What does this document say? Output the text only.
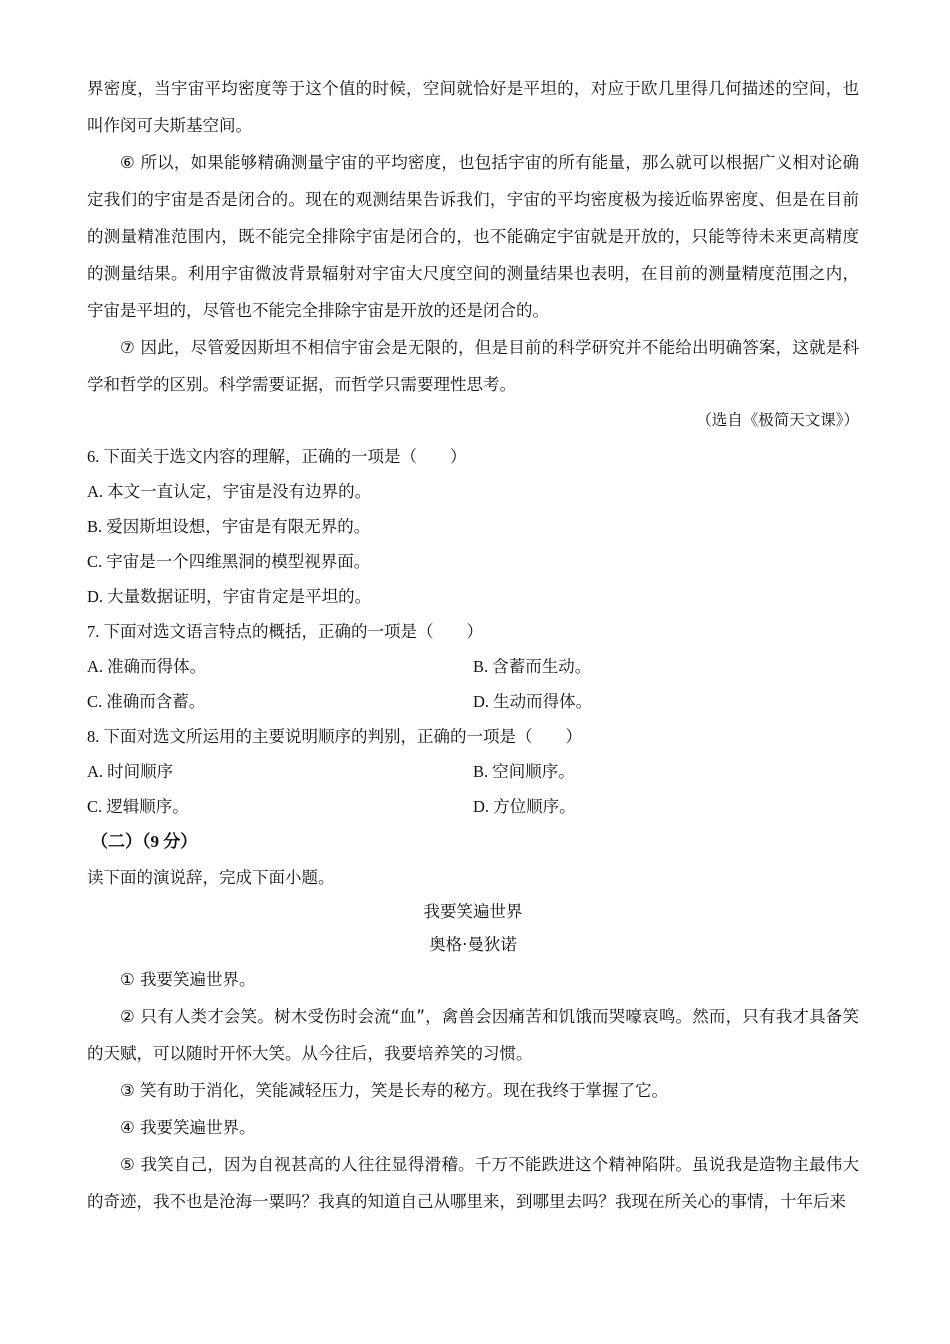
界密度，当宇宙平均密度等于这个值的时候，空间就恰好是平坦的，对应于欧几里得几何描述的空间，也叫作闵可夫斯基空间。

⑥ 所以，如果能够精确测量宇宙的平均密度，也包括宇宙的所有能量，那么就可以根据广义相对论确定我们的宇宙是否是闭合的。现在的观测结果告诉我们，宇宙的平均密度极为接近临界密度、但是在目前的测量精准范围内，既不能完全排除宇宙是闭合的，也不能确定宇宙就是开放的，只能等待未来更高精度的测量结果。利用宇宙微波背景辐射对宇宙大尺度空间的测量结果也表明，在目前的测量精度范围之内，宇宙是平坦的，尽管也不能完全排除宇宙是开放的还是闭合的。

⑦ 因此，尽管爱因斯坦不相信宇宙会是无限的，但是目前的科学研究并不能给出明确答案，这就是科学和哲学的区别。科学需要证据，而哲学只需要理性思考。

（选自《极简天文课》）

6. 下面关于选文内容的理解，正确的一项是（　　）

A. 本文一直认定，宇宙是没有边界的。

B. 爱因斯坦设想，宇宙是有限无界的。

C. 宇宙是一个四维黑洞的模型视界面。

D. 大量数据证明，宇宙肯定是平坦的。

7. 下面对选文语言特点的概括，正确的一项是（　　）

A. 准确而得体。	B. 含蓄而生动。
C. 准确而含蓄。	D. 生动而得体。

8. 下面对选文所运用的主要说明顺序的判别，正确的一项是（　　）

A. 时间顺序	B. 空间顺序。
C. 逻辑顺序。	D. 方位顺序。

（二）（9 分）

读下面的演说辞，完成下面小题。

我要笑遍世界

奥格·曼狄诺

① 我要笑遍世界。

② 只有人类才会笑。树木受伤时会流“血”，禽兽会因痛苦和饥饿而哭嚎哀鸣。然而，只有我才具备笑的天赋，可以随时开怀大笑。从今往后，我要培养笑的习惯。

③ 笑有助于消化，笑能减轻压力，笑是长寿的秘方。现在我终于掌握了它。

④ 我要笑遍世界。

⑤ 我笑自己，因为自视甚高的人往往显得滑稽。千万不能跌进这个精神陷阱。虽说我是造物主最伟大的奇迹，我不也是沧海一粟吗？我真的知道自己从哪里来，到哪里去吗？我现在所关心的事情，十年后来
